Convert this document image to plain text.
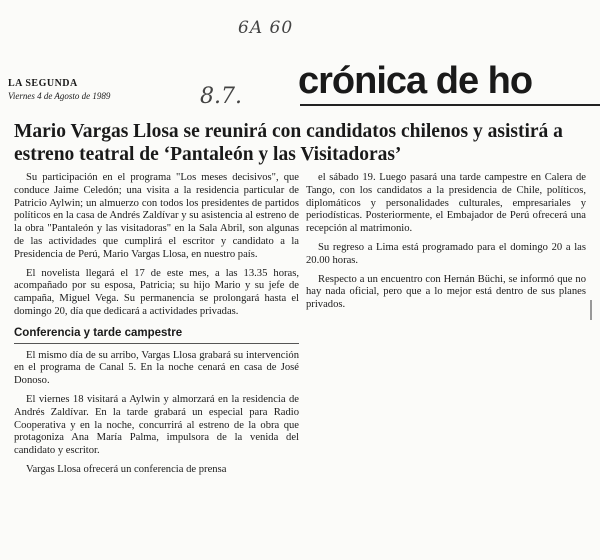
6A 60
LA SEGUNDA
Viernes 4 de Agosto de 1989	8.7. crónica de ho
Mario Vargas Llosa se reunirá con candidatos chilenos y asistirá a estreno teatral de ‘Pantaleón y las Visitadoras’

Su participación en el programa "Los meses decisivos", que conduce Jaime Celedón; una visita a la residencia particular de Patricio Aylwin; un almuerzo con todos los presidentes de partidos políticos en la casa de Andrés Zaldívar y su asistencia al estreno de la obra "Pantaleón y las visitadoras" en la Sala Abril, son algunas de las actividades que cumplirá el escritor y candidato a la Presidencia de Perú, Mario Vargas Llosa, en nuestro país.

El novelista llegará el 17 de este mes, a las 13.35 horas, acompañado por su esposa, Patricia; su hijo Mario y su jefe de campaña, Miguel Vega. Su permanencia se prolongará hasta el domingo 20, día que dedicará a actividades privadas.

Conferencia y tarde campestre

El mismo día de su arribo, Vargas Llosa grabará su intervención en el programa de Canal 5. En la noche cenará en casa de José Donoso.

El viernes 18 visitará a Aylwin y almorzará en la residencia de Andrés Zaldívar. En la tarde grabará un especial para Radio Cooperativa y en la noche, concurrirá al estreno de la obra que protagoniza Ana María Palma, impulsora de la venida del candidato y escritor.

Vargas Llosa ofrecerá un conferencia de prensa

el sábado 19. Luego pasará una tarde campestre en Calera de Tango, con los candidatos a la presidencia de Chile, políticos, diplomáticos y personalidades culturales, empresariales y periodísticas. Posteriormente, el Embajador de Perú ofrecerá una recepción al matrimonio.

Su regreso a Lima está programado para el domingo 20 a las 20.00 horas.

Respecto a un encuentro con Hernán Büchi, se informó que no hay nada oficial, pero que a lo mejor está dentro de sus planes privados.
